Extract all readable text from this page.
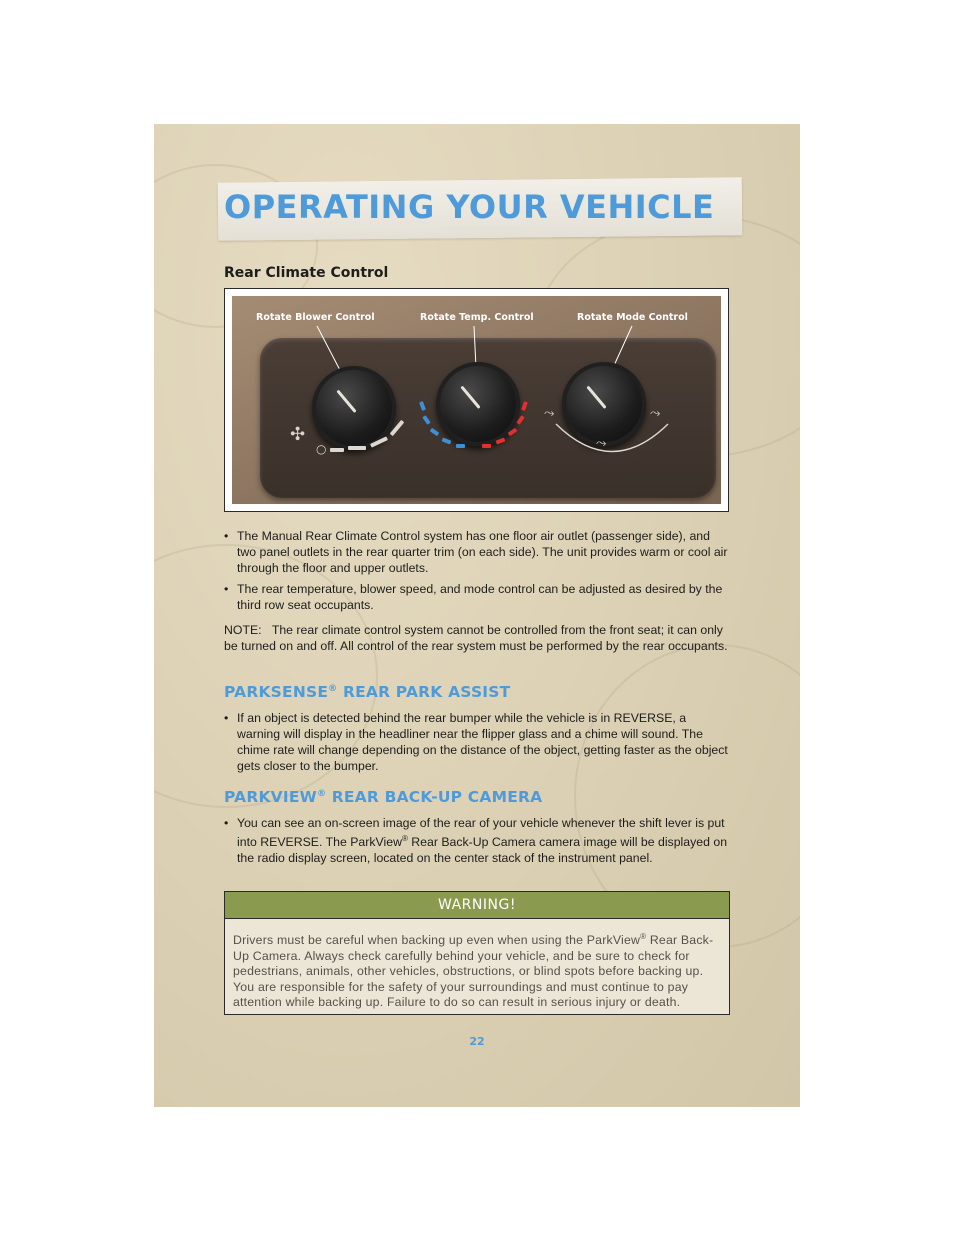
OPERATING YOUR VEHICLE
Rear Climate Control
Rotate Blower Control	Rotate Temp. Control	Rotate Mode Control
✣
○
⤳
⤳
⤳
• The Manual Rear Climate Control system has one floor air outlet (passenger side), and two panel outlets in the rear quarter trim (on each side). The unit provides warm or cool air through the floor and upper outlets.
• The rear temperature, blower speed, and mode control can be adjusted as desired by the third row seat occupants.

NOTE: The rear climate control system cannot be controlled from the front seat; it can only be turned on and off. All control of the rear system must be performed by the rear occupants.

PARKSENSE® REAR PARK ASSIST
• If an object is detected behind the rear bumper while the vehicle is in REVERSE, a warning will display in the headliner near the flipper glass and a chime will sound. The chime rate will change depending on the distance of the object, getting faster as the object gets closer to the bumper.
PARKVIEW® REAR BACK-UP CAMERA
• You can see an on-screen image of the rear of your vehicle whenever the shift lever is put into REVERSE. The ParkView® Rear Back-Up Camera camera image will be displayed on the radio display screen, located on the center stack of the instrument panel.
WARNING!

Drivers must be careful when backing up even when using the ParkView® Rear Back-Up Camera. Always check carefully behind your vehicle, and be sure to check for pedestrians, animals, other vehicles, obstructions, or blind spots before backing up. You are responsible for the safety of your surroundings and must continue to pay attention while backing up. Failure to do so can result in serious injury or death.

22
